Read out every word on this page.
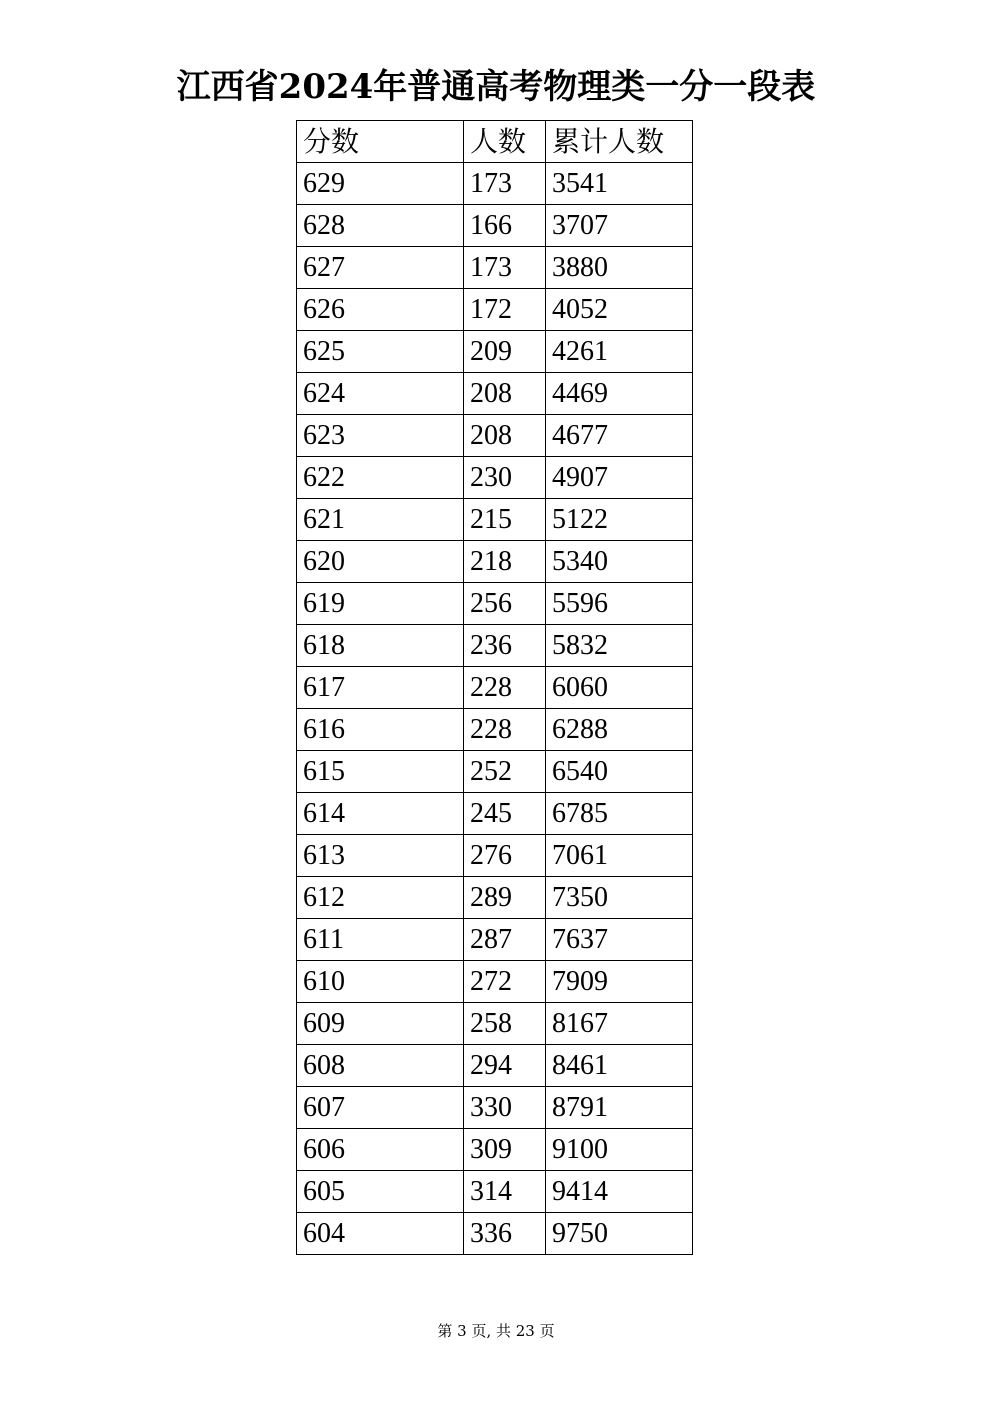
江西省2024年普通高考物理类一分一段表
分数	人数	累计人数
629	173	3541
628	166	3707
627	173	3880
626	172	4052
625	209	4261
624	208	4469
623	208	4677
622	230	4907
621	215	5122
620	218	5340
619	256	5596
618	236	5832
617	228	6060
616	228	6288
615	252	6540
614	245	6785
613	276	7061
612	289	7350
611	287	7637
610	272	7909
609	258	8167
608	294	8461
607	330	8791
606	309	9100
605	314	9414
604	336	9750
第 3 页, 共 23 页
